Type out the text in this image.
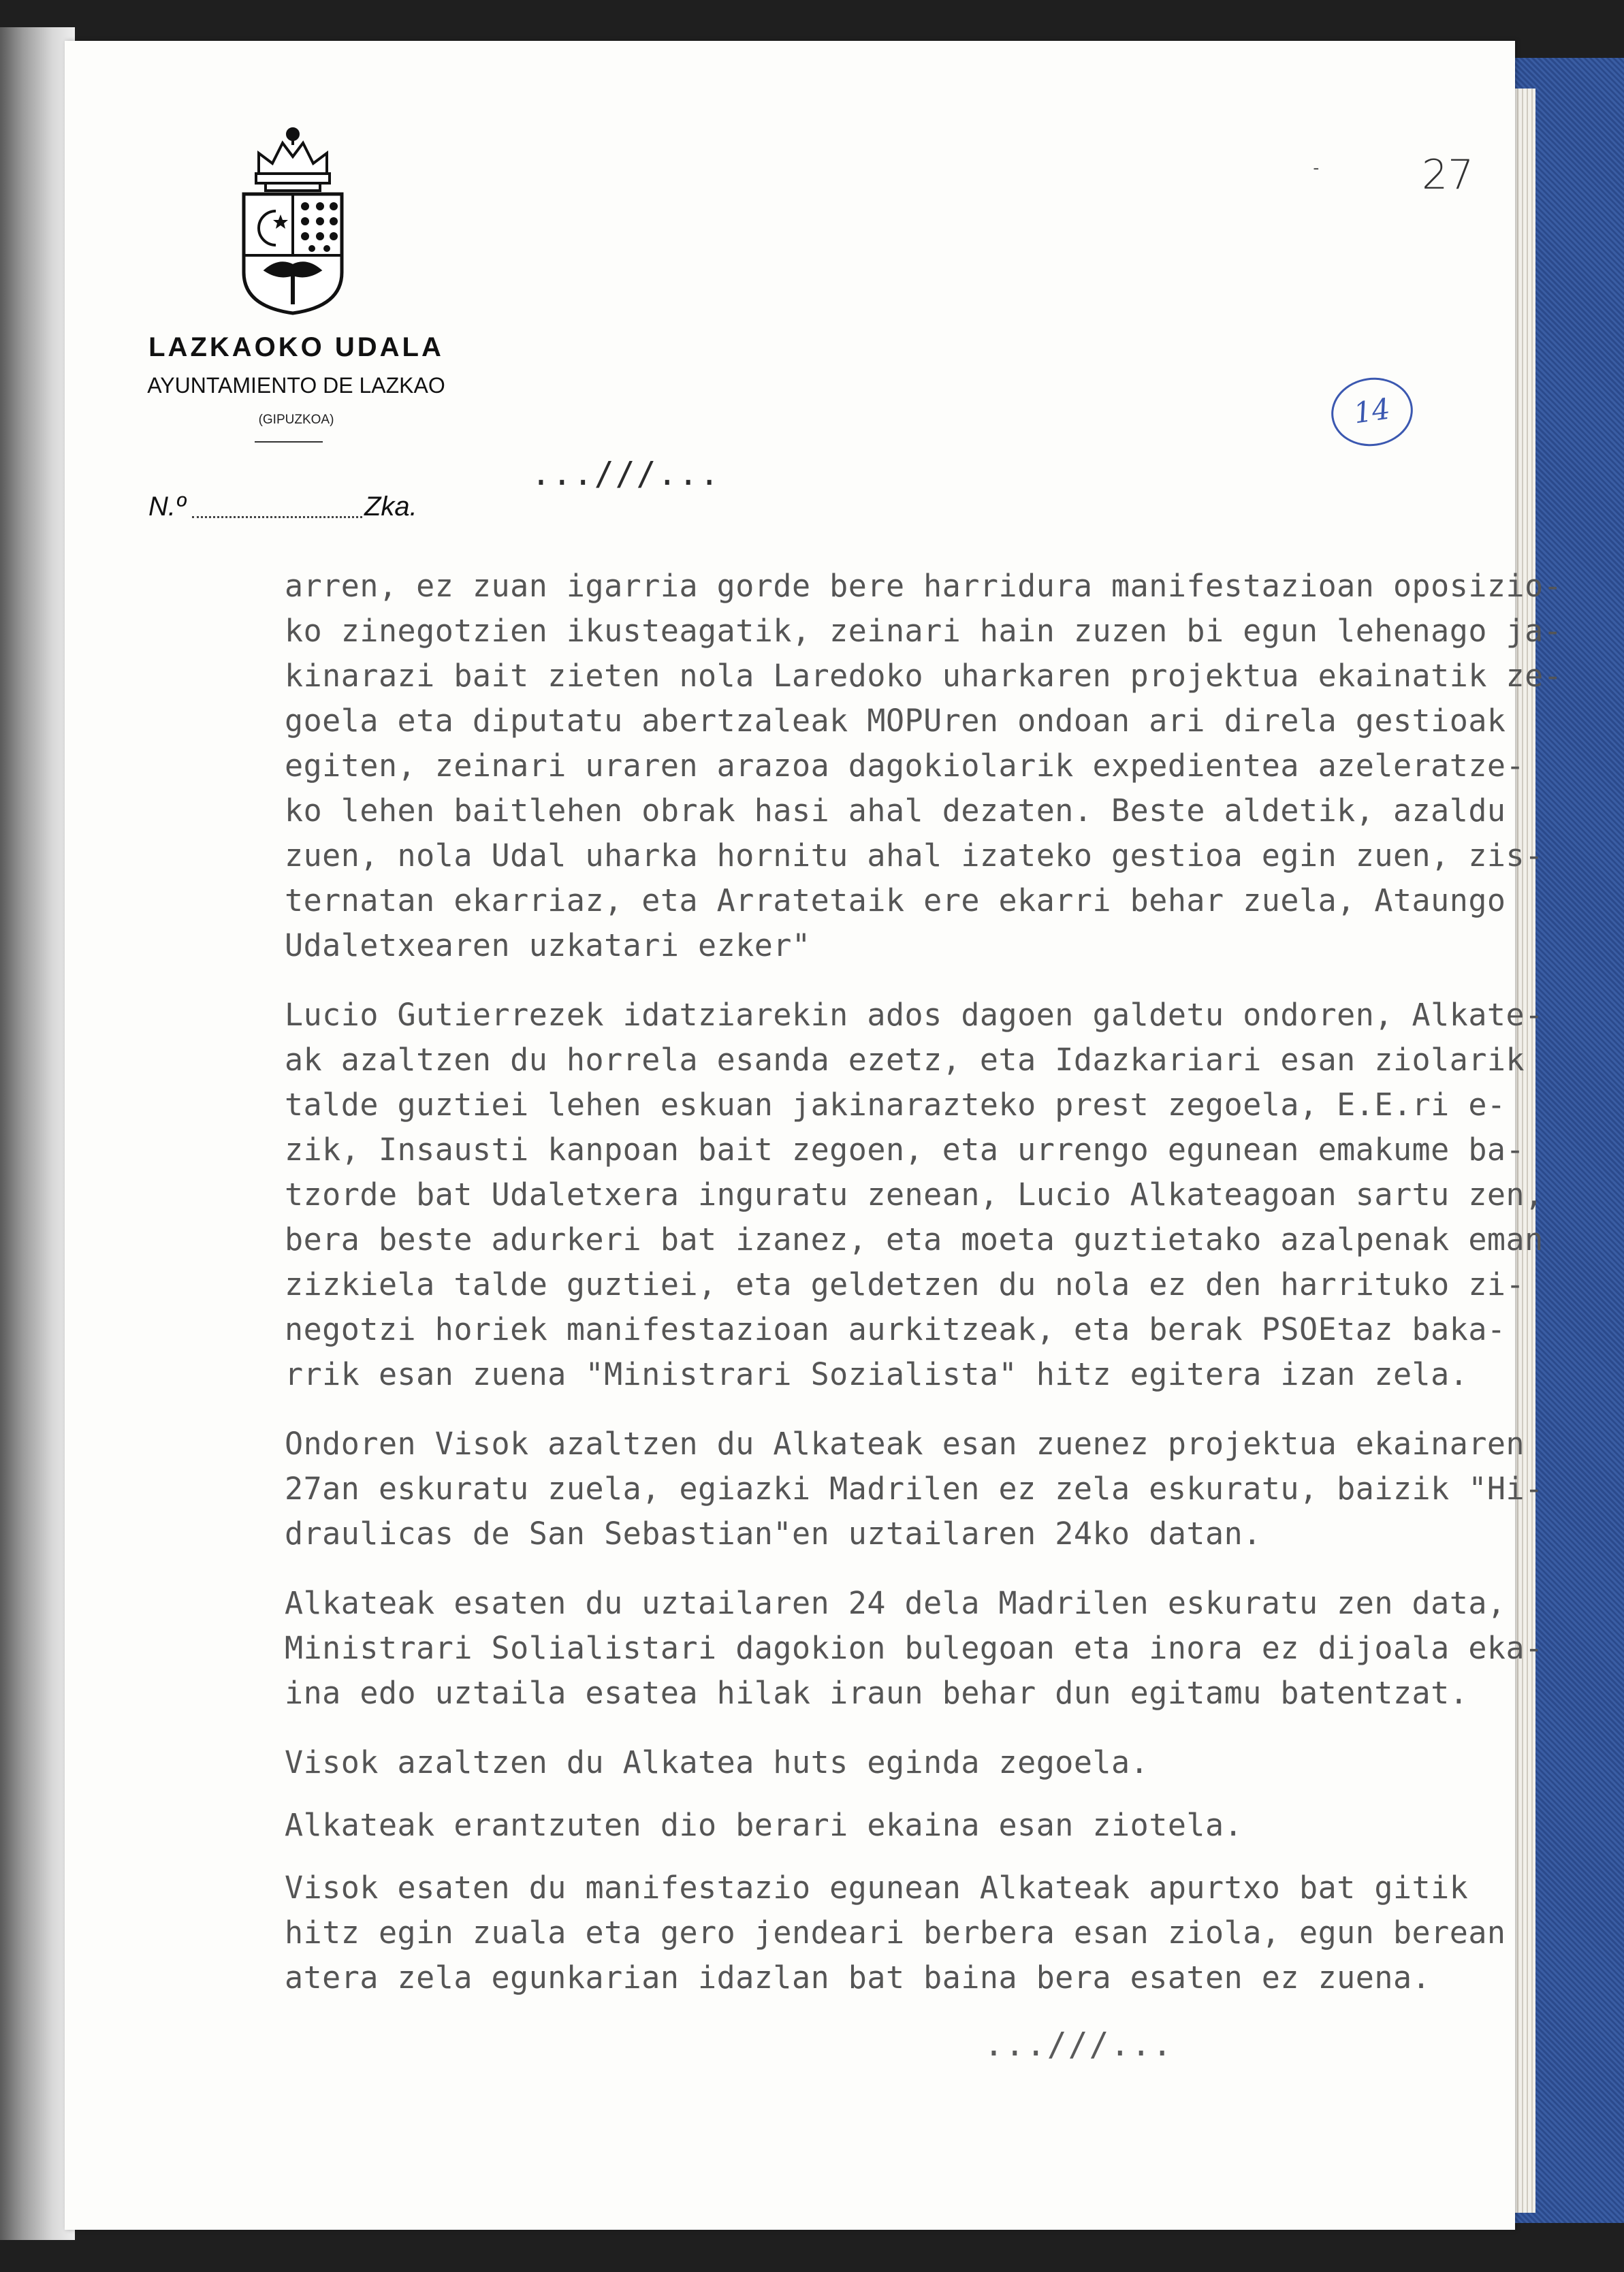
LAZKAOKO UDALA
AYUNTAMIENTO DE LAZKAO
(GIPUZKOA)
N.º	Zka.
- 27
14
...///...
arren, ez zuan igarria gorde bere harridura manifestazioan oposizio-
ko zinegotzien ikusteagatik, zeinari hain zuzen bi egun lehenago ja-
kinarazi bait zieten nola Laredoko uharkaren projektua ekainatik ze-
goela eta diputatu abertzaleak MOPUren ondoan ari direla gestioak
egiten, zeinari uraren arazoa dagokiolarik expedientea azeleratze-
ko lehen baitlehen obrak hasi ahal dezaten. Beste aldetik, azaldu
zuen, nola Udal uharka hornitu ahal izateko gestioa egin zuen, zis-
ternatan ekarriaz, eta Arratetaik ere ekarri behar zuela, Ataungo
Udaletxearen uzkatari ezker"
Lucio Gutierrezek idatziarekin ados dagoen galdetu ondoren, Alkate-
ak azaltzen du horrela esanda ezetz, eta Idazkariari esan ziolarik
talde guztiei lehen eskuan jakinarazteko prest zegoela, E.E.ri e-
zik, Insausti kanpoan bait zegoen, eta urrengo egunean emakume ba-
tzorde bat Udaletxera inguratu zenean, Lucio Alkateagoan sartu zen,
bera beste adurkeri bat izanez, eta moeta guztietako azalpenak eman
zizkiela talde guztiei, eta geldetzen du nola ez den harrituko zi-
negotzi horiek manifestazioan aurkitzeak, eta berak PSOEtaz baka-
rrik esan zuena "Ministrari Sozialista" hitz egitera izan zela.
Ondoren Visok azaltzen du Alkateak esan zuenez projektua ekainaren
27an eskuratu zuela, egiazki Madrilen ez zela eskuratu, baizik "Hi-
draulicas de San Sebastian"en uztailaren 24ko datan.
Alkateak esaten du uztailaren 24 dela Madrilen eskuratu zen data,
Ministrari Solialistari dagokion bulegoan eta inora ez dijoala eka-
ina edo uztaila esatea hilak iraun behar dun egitamu batentzat.
Visok azaltzen du Alkatea huts eginda zegoela.
Alkateak erantzuten dio berari ekaina esan ziotela.
Visok esaten du manifestazio egunean Alkateak apurtxo bat gitik
hitz egin zuala eta gero jendeari berbera esan ziola, egun berean
atera zela egunkarian idazlan bat baina bera esaten ez zuena.
...///...
